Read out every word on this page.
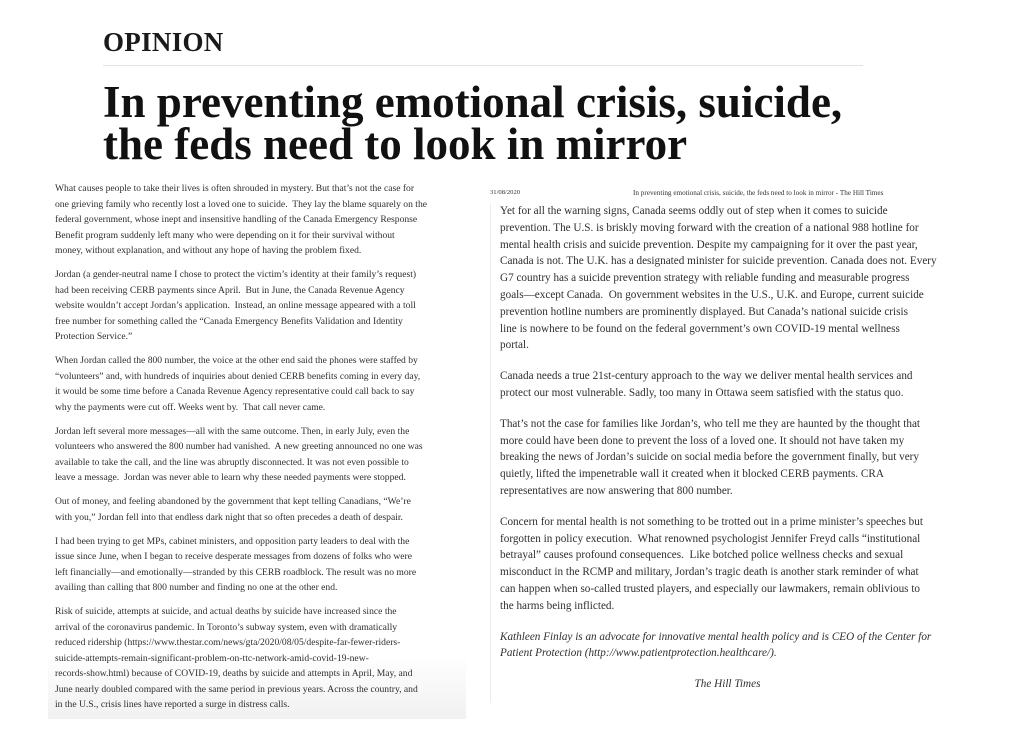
OPINION
In preventing emotional crisis, suicide,
the feds need to look in mirror
What causes people to take their lives is often shrouded in mystery. But that’s not the case for
one grieving family who recently lost a loved one to suicide.  They lay the blame squarely on the
federal government, whose inept and insensitive handling of the Canada Emergency Response
Benefit program suddenly left many who were depending on it for their survival without
money, without explanation, and without any hope of having the problem fixed.
Jordan (a gender-neutral name I chose to protect the victim’s identity at their family’s request)
had been receiving CERB payments since April.  But in June, the Canada Revenue Agency
website wouldn’t accept Jordan’s application.  Instead, an online message appeared with a toll
free number for something called the “Canada Emergency Benefits Validation and Identity
Protection Service.”
When Jordan called the 800 number, the voice at the other end said the phones were staffed by
“volunteers” and, with hundreds of inquiries about denied CERB benefits coming in every day,
it would be some time before a Canada Revenue Agency representative could call back to say
why the payments were cut off. Weeks went by.  That call never came.
Jordan left several more messages—all with the same outcome. Then, in early July, even the
volunteers who answered the 800 number had vanished.  A new greeting announced no one was
available to take the call, and the line was abruptly disconnected. It was not even possible to
leave a message.  Jordan was never able to learn why these needed payments were stopped.
Out of money, and feeling abandoned by the government that kept telling Canadians, “We’re
with you,” Jordan fell into that endless dark night that so often precedes a death of despair.
I had been trying to get MPs, cabinet ministers, and opposition party leaders to deal with the
issue since June, when I began to receive desperate messages from dozens of folks who were
left financially—and emotionally—stranded by this CERB roadblock. The result was no more
availing than calling that 800 number and finding no one at the other end.
Risk of suicide, attempts at suicide, and actual deaths by suicide have increased since the
arrival of the coronavirus pandemic. In Toronto’s subway system, even with dramatically
reduced ridership (https://www.thestar.com/news/gta/2020/08/05/despite-far-fewer-riders-
suicide-attempts-remain-significant-problem-on-ttc-network-amid-covid-19-new-
records-show.html) because of COVID-19, deaths by suicide and attempts in April, May, and
June nearly doubled compared with the same period in previous years. Across the country, and
in the U.S., crisis lines have reported a surge in distress calls.
31/08/2020	In preventing emotional crisis, suicide, the feds need to look in mirror - The Hill Times
Yet for all the warning signs, Canada seems oddly out of step when it comes to suicide
prevention. The U.S. is briskly moving forward with the creation of a national 988 hotline for
mental health crisis and suicide prevention. Despite my campaigning for it over the past year,
Canada is not. The U.K. has a designated minister for suicide prevention. Canada does not. Every
G7 country has a suicide prevention strategy with reliable funding and measurable progress
goals—except Canada.  On government websites in the U.S., U.K. and Europe, current suicide
prevention hotline numbers are prominently displayed. But Canada’s national suicide crisis
line is nowhere to be found on the federal government’s own COVID-19 mental wellness
portal.
Canada needs a true 21st-century approach to the way we deliver mental health services and
protect our most vulnerable. Sadly, too many in Ottawa seem satisfied with the status quo.
That’s not the case for families like Jordan’s, who tell me they are haunted by the thought that
more could have been done to prevent the loss of a loved one. It should not have taken my
breaking the news of Jordan’s suicide on social media before the government finally, but very
quietly, lifted the impenetrable wall it created when it blocked CERB payments. CRA
representatives are now answering that 800 number.
Concern for mental health is not something to be trotted out in a prime minister’s speeches but
forgotten in policy execution.  What renowned psychologist Jennifer Freyd calls “institutional
betrayal” causes profound consequences.  Like botched police wellness checks and sexual
misconduct in the RCMP and military, Jordan’s tragic death is another stark reminder of what
can happen when so-called trusted players, and especially our lawmakers, remain oblivious to
the harms being inflicted.
Kathleen Finlay is an advocate for innovative mental health policy and is CEO of the Center for
Patient Protection (http://www.patientprotection.healthcare/).
The Hill Times
